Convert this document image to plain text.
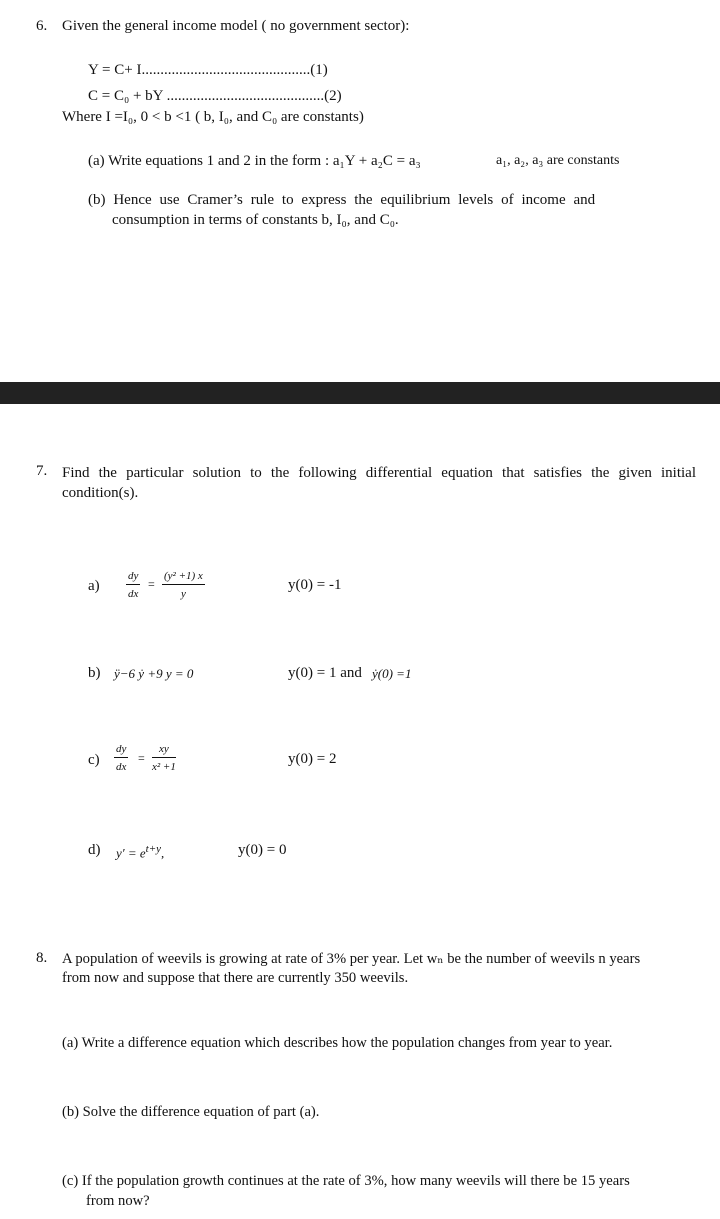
6. Given the general income model ( no government sector):
Y = C+ I.............................................(1)
C = C₀ + bY ..........................................(2)
Where I =I₀, 0 < b <1 ( b, I₀, and C₀ are constants)
(a) Write equations 1 and 2 in the form : a₁Y + a₂C = a₃	a₁, a₂, a₃ are constants
(b) Hence use Cramer’s rule to express the equilibrium levels of income and
consumption in terms of constants b, I₀, and C₀.
7. Find the particular solution to the following differential equation that satisfies the given initial condition(s).
$a) \frac{dy}{dx} = \frac{\text{(y² +1) x}}{y}$	y(0) = -1
b) ÿ−6 ẏ +9 y = 0	y(0) = 1 and ẏ(0) =1
$c) \frac{dy}{dx} = \frac{xy}{\text{x² +1}}$	y(0) = 2
d) $y' = e^{t+y}$,	y(0) = 0
8. A population of weevils is growing at rate of 3% per year. Let wₙ be the number of weevils n years
from now and suppose that there are currently 350 weevils.
(a) Write a difference equation which describes how the population changes from year to year.
(b) Solve the difference equation of part (a).
(c) If the population growth continues at the rate of 3%, how many weevils will there be 15 years
from now?
